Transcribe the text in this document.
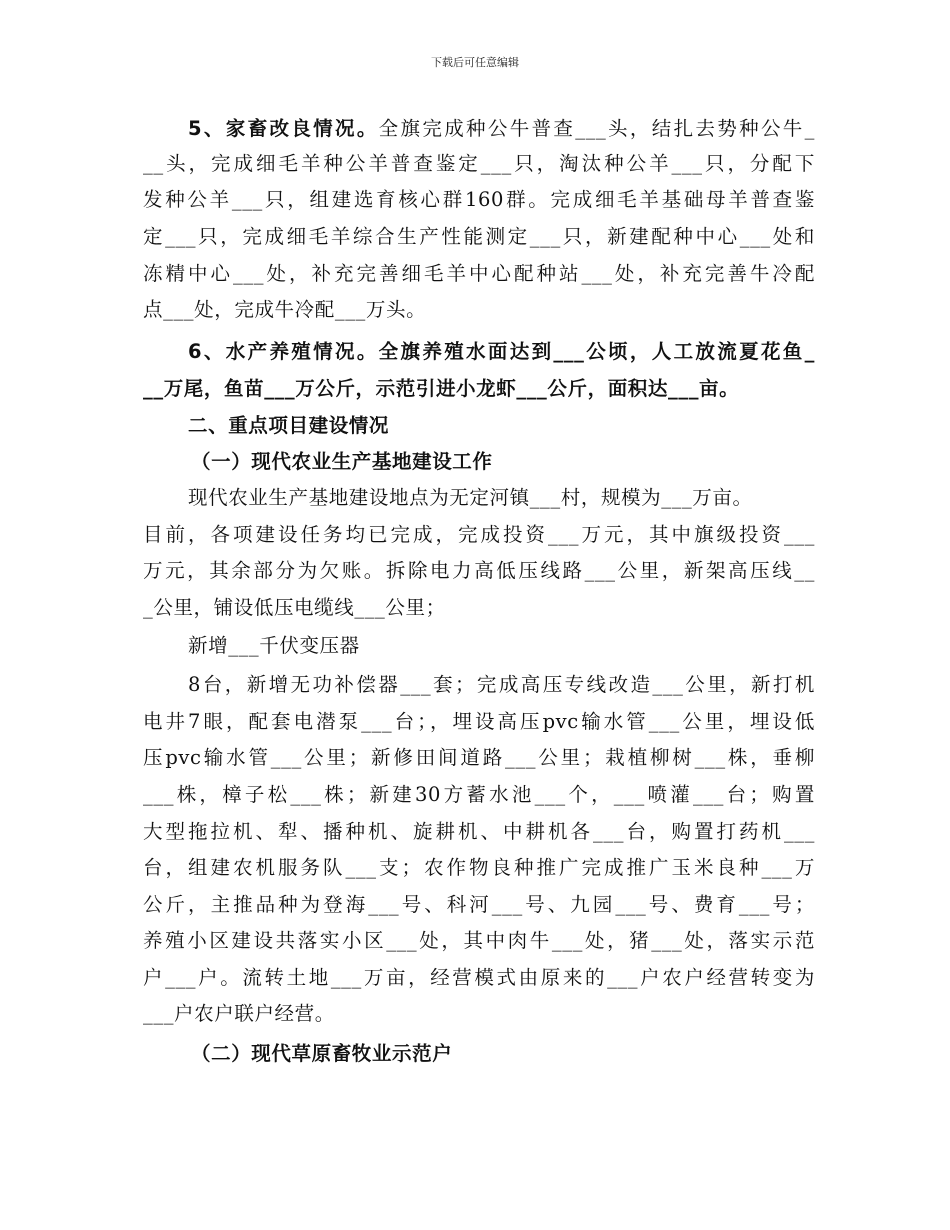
下载后可任意编辑
5、家畜改良情况。全旗完成种公牛普查___头，结扎去势种公牛_
__头，完成细毛羊种公羊普查鉴定___只，淘汰种公羊___只，分配下
发种公羊___只，组建选育核心群160群。完成细毛羊基础母羊普查鉴
定___只，完成细毛羊综合生产性能测定___只，新建配种中心___处和
冻精中心___处，补充完善细毛羊中心配种站___处，补充完善牛冷配
点___处，完成牛冷配___万头。
6、水产养殖情况。全旗养殖水面达到___公顷，人工放流夏花鱼_
__万尾，鱼苗___万公斤，示范引进小龙虾___公斤，面积达___亩。
二、重点项目建设情况
（一）现代农业生产基地建设工作
现代农业生产基地建设地点为无定河镇___村，规模为___万亩。
目前，各项建设任务均已完成，完成投资___万元，其中旗级投资___
万元，其余部分为欠账。拆除电力高低压线路___公里，新架高压线__
_公里，铺设低压电缆线___公里；
新增___千伏变压器
8台，新增无功补偿器___套；完成高压专线改造___公里，新打机
电井7眼，配套电潜泵___台；，埋设高压pvc输水管___公里，埋设低
压pvc输水管___公里；新修田间道路___公里；栽植柳树___株，垂柳
___株，樟子松___株；新建30方蓄水池___个，___喷灌___台；购置
大型拖拉机、犁、播种机、旋耕机、中耕机各___台，购置打药机___
台，组建农机服务队___支；农作物良种推广完成推广玉米良种___万
公斤，主推品种为登海___号、科河___号、九园___号、费育___号；
养殖小区建设共落实小区___处，其中肉牛___处，猪___处，落实示范
户___户。流转土地___万亩，经营模式由原来的___户农户经营转变为
___户农户联户经营。
（二）现代草原畜牧业示范户
